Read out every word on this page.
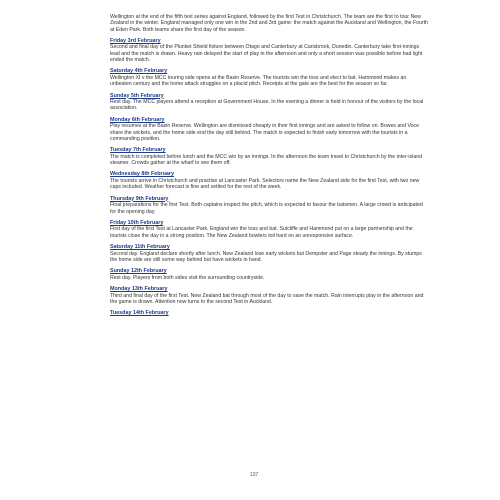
Wellington at the end of the fifth test series against England, followed by the first Test in Christchurch. The team are the first to tour New Zealand in the winter. England managed only one win in the 2nd and 3rd game: the match against the Auckland and Wellington, the Fourth at Eden Park. Both teams share the first day of the season.

Friday 3rd February

Second and final day of the Plunket Shield fixture between Otago and Canterbury at Carisbrook, Dunedin. Canterbury take first-innings lead and the match is drawn. Heavy rain delayed the start of play in the afternoon and only a short session was possible before bad light ended the match.

Saturday 4th February

Wellington XI v the MCC touring side opens at the Basin Reserve. The tourists win the toss and elect to bat. Hammond makes an unbeaten century and the home attack struggles on a placid pitch. Receipts at the gate are the best for the season so far.

Sunday 5th February

Rest day. The MCC players attend a reception at Government House. In the evening a dinner is held in honour of the visitors by the local association.

Monday 6th February

Play resumes at the Basin Reserve. Wellington are dismissed cheaply in their first innings and are asked to follow on. Bowes and Voce share the wickets, and the home side end the day still behind. The match is expected to finish early tomorrow with the tourists in a commanding position.

Tuesday 7th February

The match is completed before lunch and the MCC win by an innings. In the afternoon the team travel to Christchurch by the inter-island steamer. Crowds gather at the wharf to see them off.

Wednesday 8th February

The tourists arrive in Christchurch and practise at Lancaster Park. Selectors name the New Zealand side for the first Test, with two new caps included. Weather forecast is fine and settled for the rest of the week.

Thursday 9th February

Final preparations for the first Test. Both captains inspect the pitch, which is expected to favour the batsmen. A large crowd is anticipated for the opening day.

Friday 10th February

First day of the first Test at Lancaster Park. England win the toss and bat. Sutcliffe and Hammond put on a large partnership and the tourists close the day in a strong position. The New Zealand bowlers toil hard on an unresponsive surface.

Saturday 11th February

Second day. England declare shortly after lunch. New Zealand lose early wickets but Dempster and Page steady the innings. By stumps the home side are still some way behind but have wickets in hand.

Sunday 12th February

Rest day. Players from both sides visit the surrounding countryside.

Monday 13th February

Third and final day of the first Test. New Zealand bat through most of the day to save the match. Rain interrupts play in the afternoon and the game is drawn. Attention now turns to the second Test in Auckland.

Tuesday 14th February

137
